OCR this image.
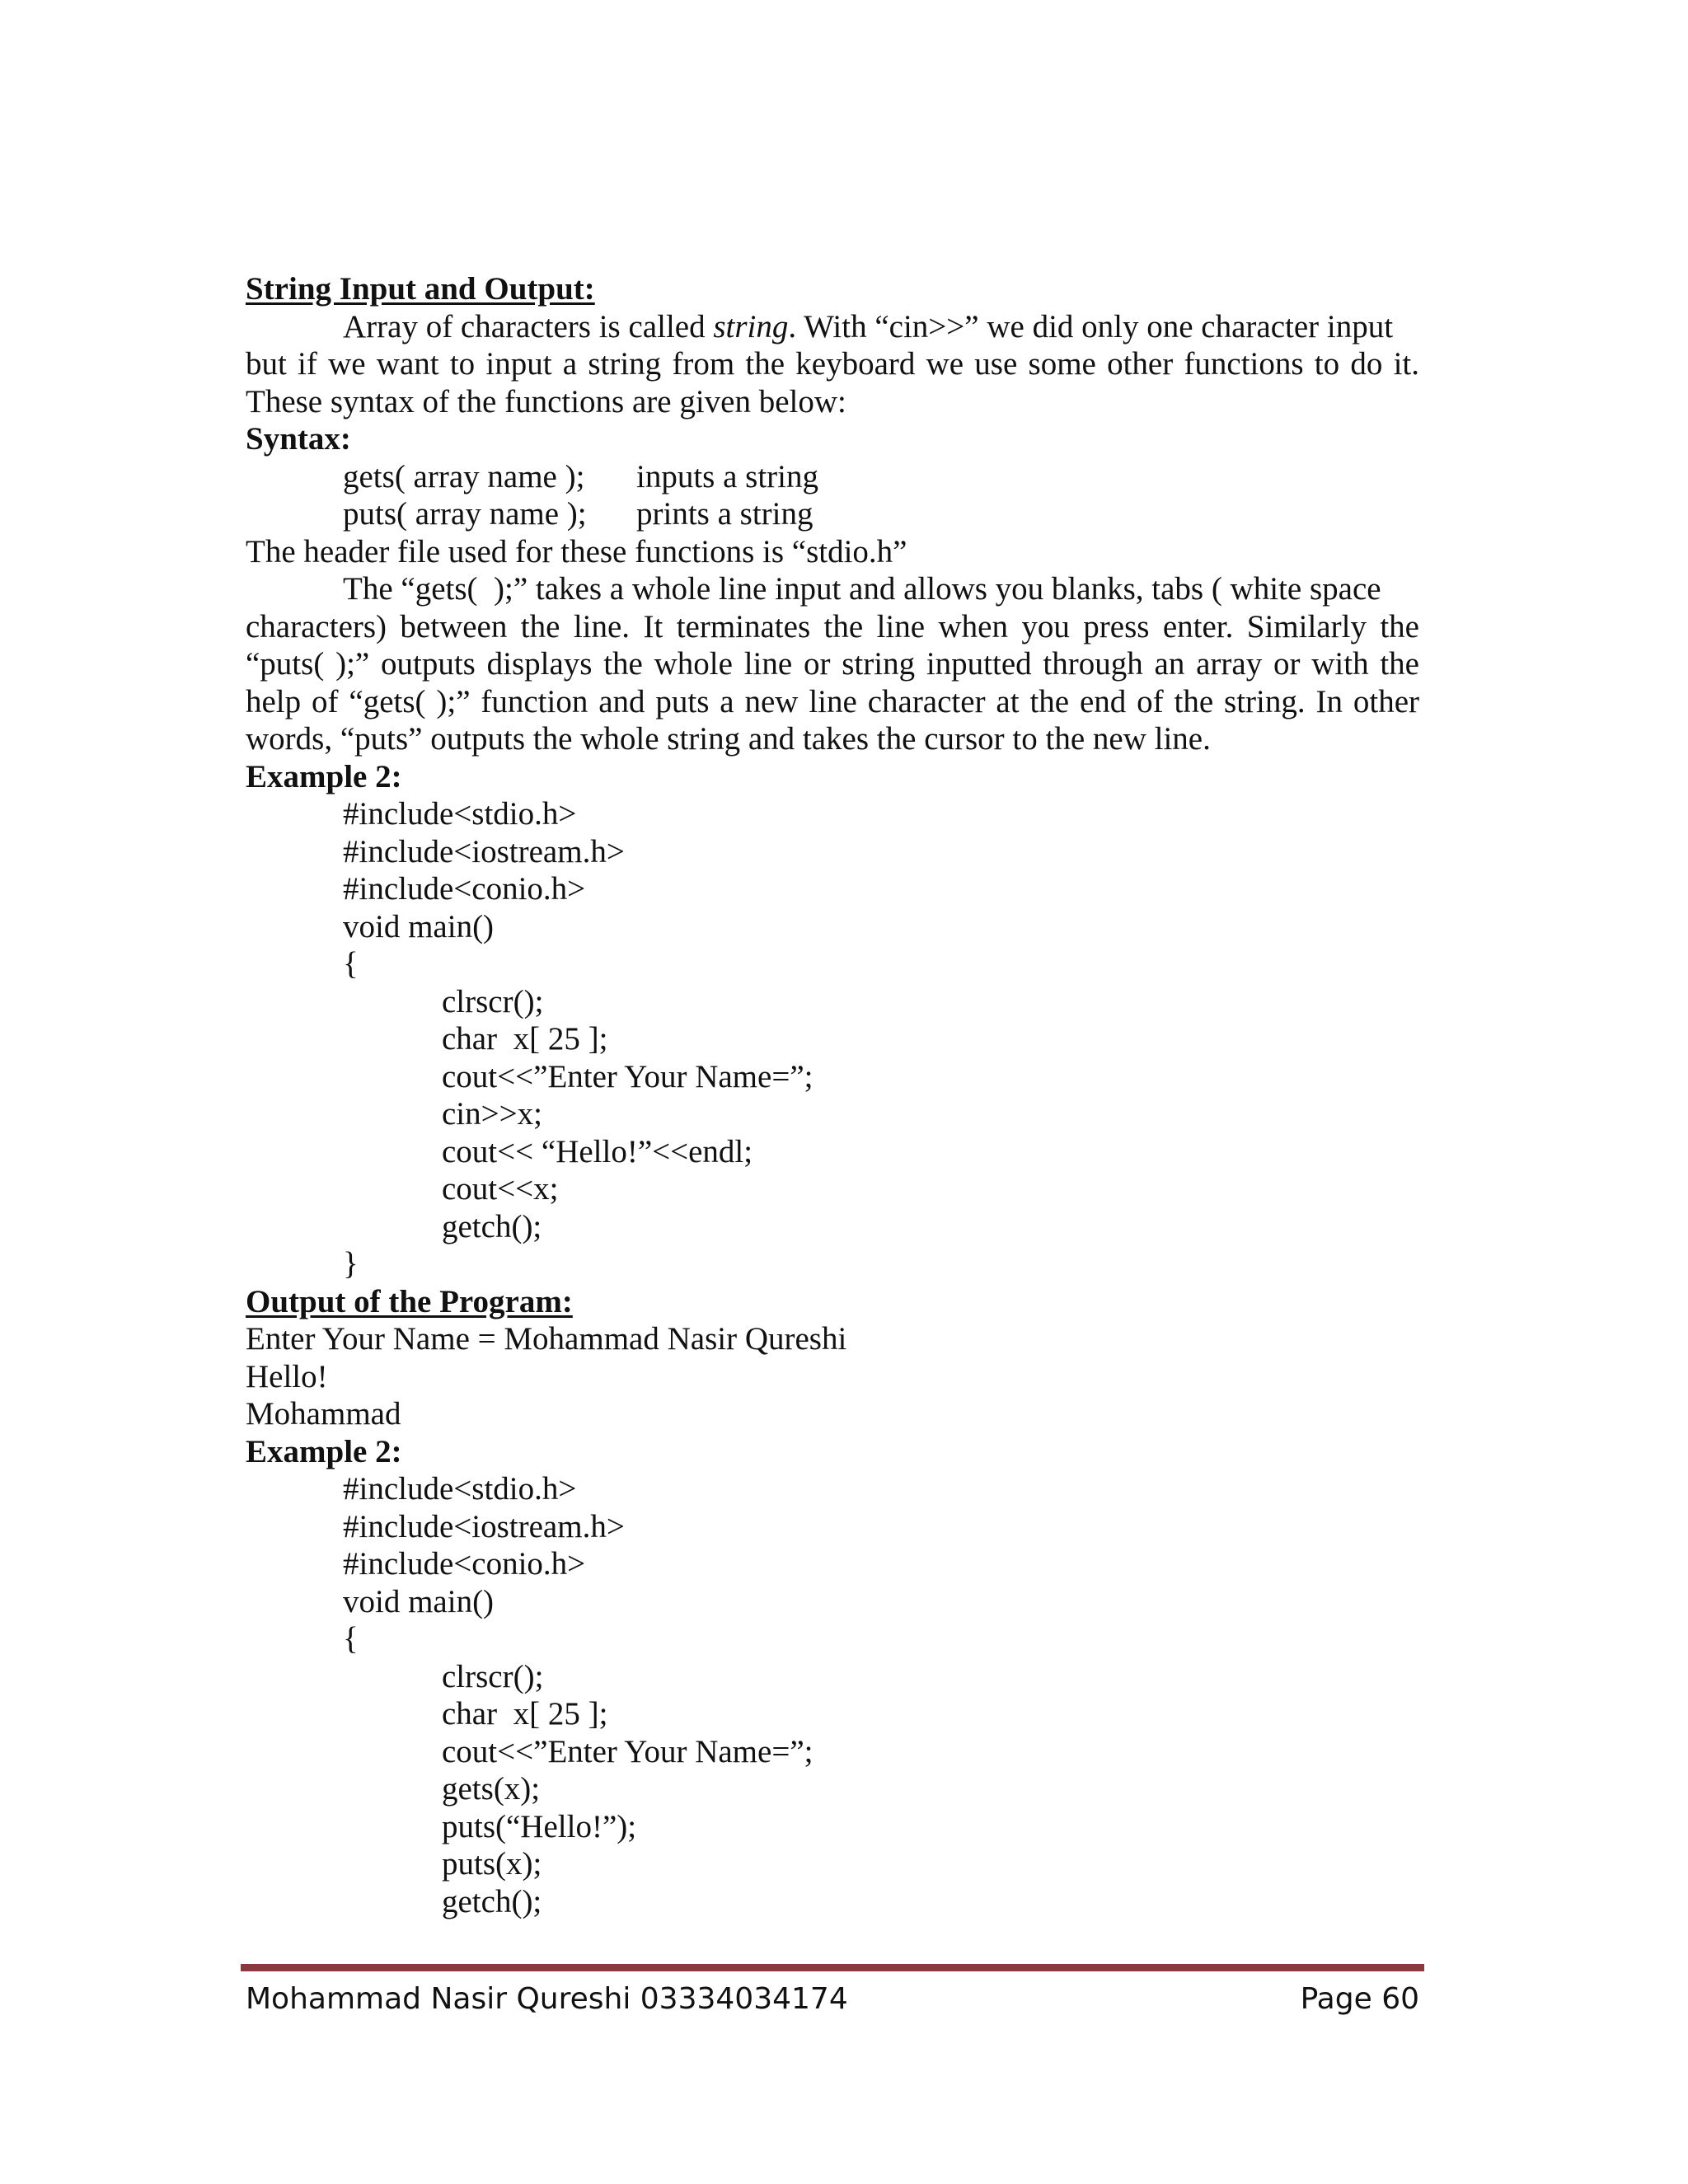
String Input and Output:
Array of characters is called string. With “cin>>” we did only one character input
but if we want to input a string from the keyboard we use some other functions to do it. These syntax of the functions are given below:
Syntax:
gets( array name );	inputs a string
puts( array name );	prints a string
The header file used for these functions is “stdio.h”
The “gets(  );” takes a whole line input and allows you blanks, tabs ( white space
characters) between the line. It terminates the line when you press enter. Similarly the “puts( );” outputs displays the whole line or string inputted through an array or with the help of “gets( );” function and puts a new line character at the end of the string. In other words, “puts” outputs the whole string and takes the cursor to the new line.
Example 2:
#include<stdio.h>
#include<iostream.h>
#include<conio.h>
void main()
{
clrscr();
char  x[ 25 ];
cout<<”Enter Your Name=”;
cin>>x;
cout<< “Hello!”<<endl;
cout<<x;
getch();
}
Output of the Program:
Enter Your Name = Mohammad Nasir Qureshi
Hello!
Mohammad
Example 2:
#include<stdio.h>
#include<iostream.h>
#include<conio.h>
void main()
{
clrscr();
char  x[ 25 ];
cout<<”Enter Your Name=”;
gets(x);
puts(“Hello!”);
puts(x);
getch();
Mohammad Nasir Qureshi 03334034174	Page 60
